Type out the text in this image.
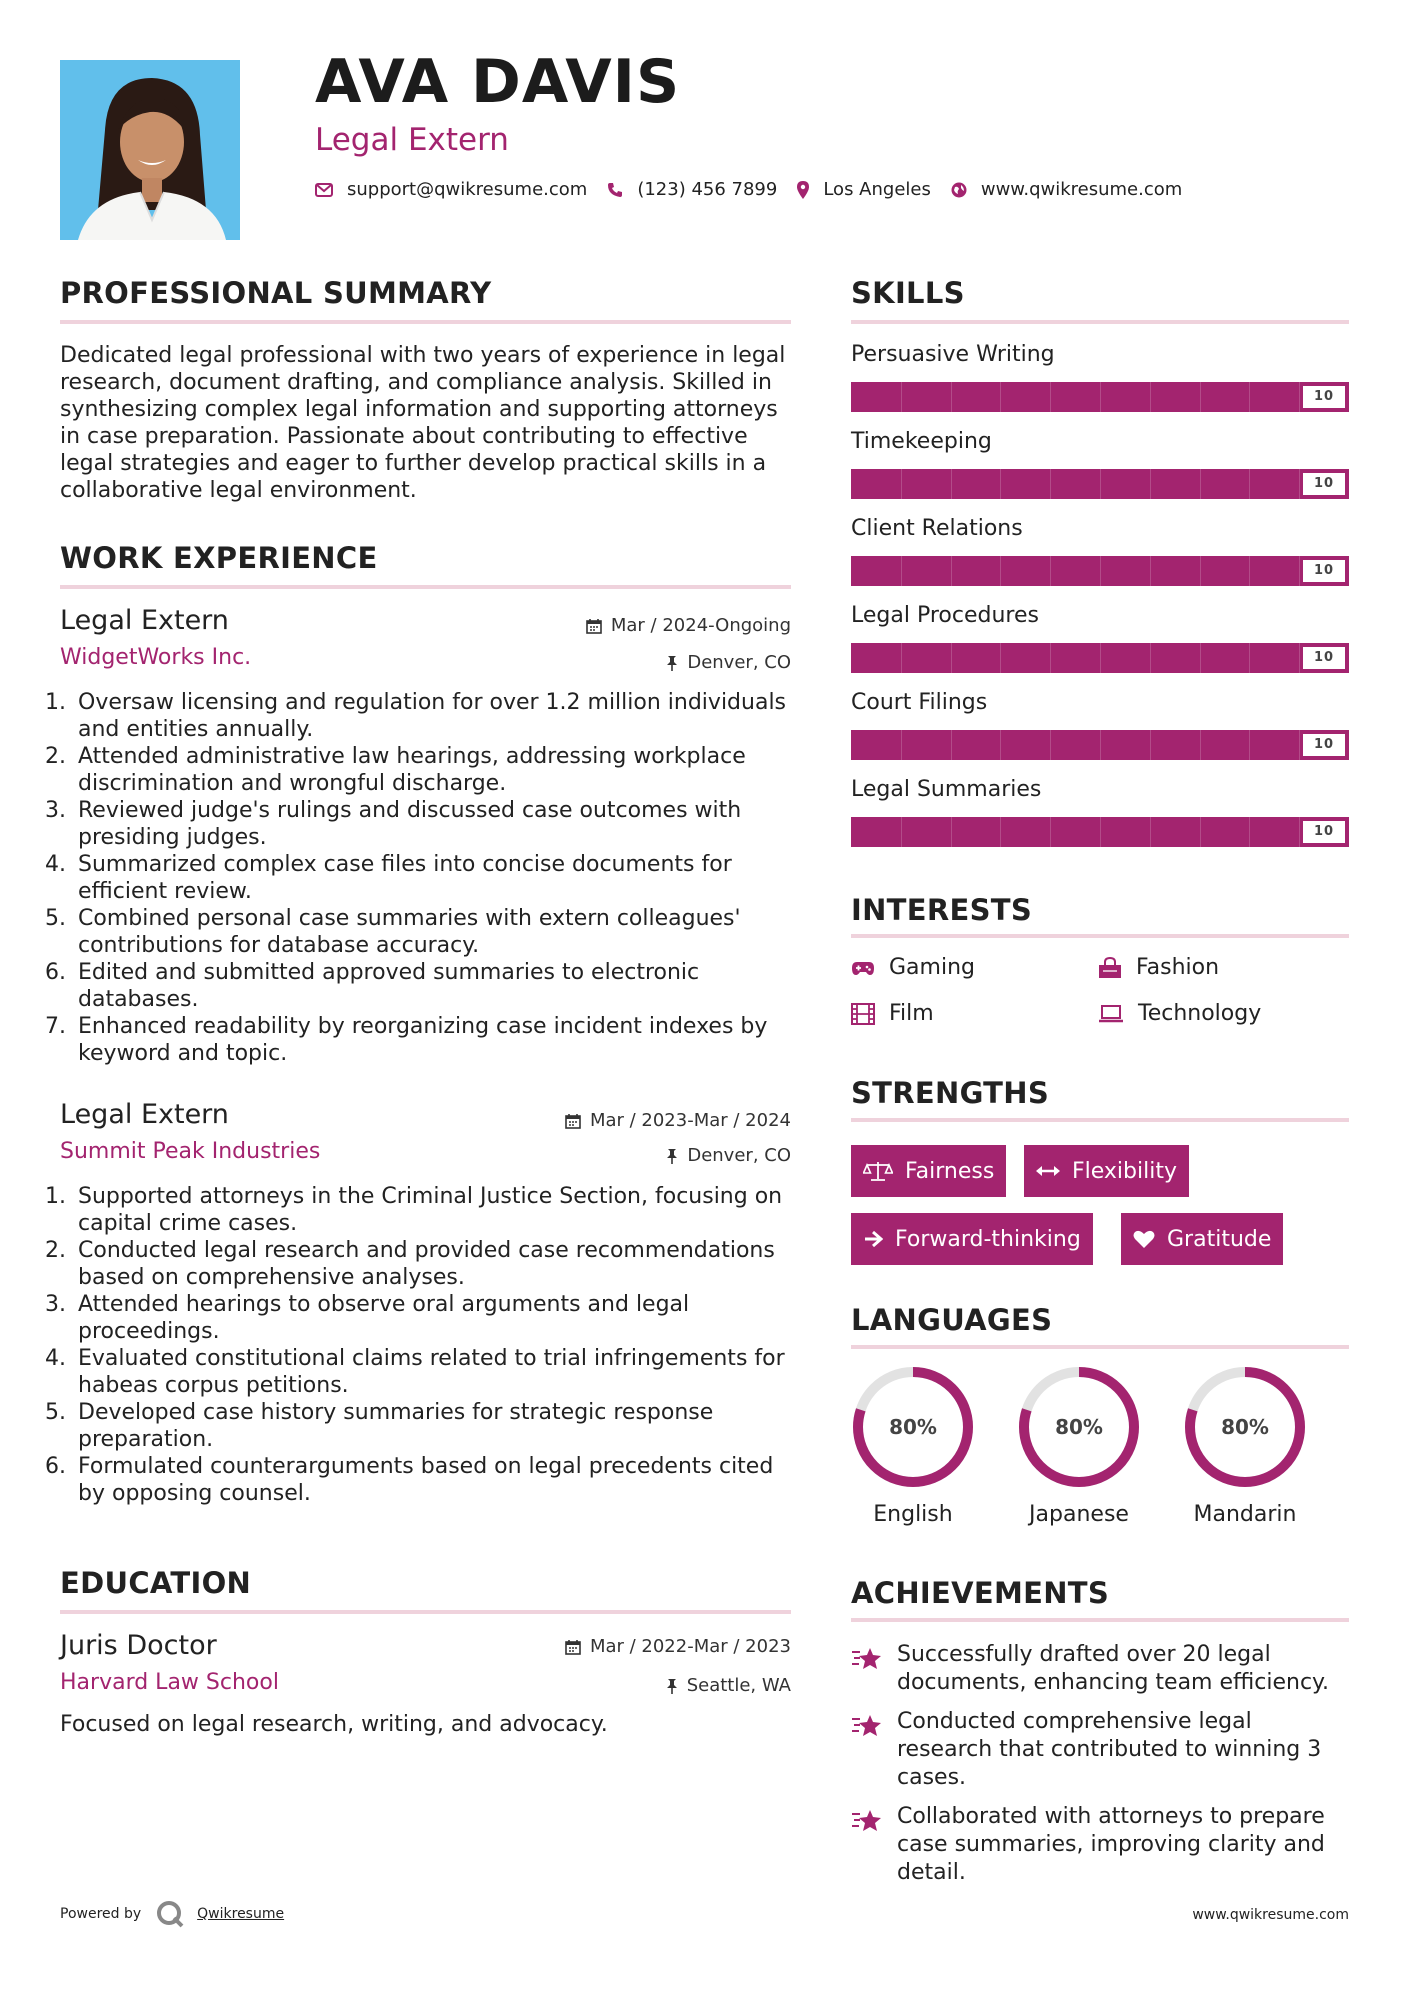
AVA DAVIS
Legal Extern
support@qwikresume.com	(123) 456 7899	Los Angeles	www.qwikresume.com
PROFESSIONAL SUMMARY
Dedicated legal professional with two years of experience in legal research, document drafting, and compliance analysis. Skilled in synthesizing complex legal information and supporting attorneys in case preparation. Passionate about contributing to effective legal strategies and eager to further develop practical skills in a collaborative legal environment.
WORK EXPERIENCE
Legal Extern	Mar / 2024-Ongoing
WidgetWorks Inc.	Denver, CO
1. Oversaw licensing and regulation for over 1.2 million individuals and entities annually.
2. Attended administrative law hearings, addressing workplace discrimination and wrongful discharge.
3. Reviewed judge's rulings and discussed case outcomes with presiding judges.
4. Summarized complex case files into concise documents for efficient review.
5. Combined personal case summaries with extern colleagues' contributions for database accuracy.
6. Edited and submitted approved summaries to electronic databases.
7. Enhanced readability by reorganizing case incident indexes by keyword and topic.
Legal Extern	Mar / 2023-Mar / 2024
Summit Peak Industries	Denver, CO
1. Supported attorneys in the Criminal Justice Section, focusing on capital crime cases.
2. Conducted legal research and provided case recommendations based on comprehensive analyses.
3. Attended hearings to observe oral arguments and legal proceedings.
4. Evaluated constitutional claims related to trial infringements for habeas corpus petitions.
5. Developed case history summaries for strategic response preparation.
6. Formulated counterarguments based on legal precedents cited by opposing counsel.
EDUCATION
Juris Doctor	Mar / 2022-Mar / 2023
Harvard Law School	Seattle, WA
Focused on legal research, writing, and advocacy.
SKILLS
Persuasive Writing
10
Timekeeping
10
Client Relations
10
Legal Procedures
10
Court Filings
10
Legal Summaries
10
INTERESTS
Gaming	Fashion
Film	Technology
STRENGTHS
Fairness	Flexibility
Forward-thinking	Gratitude
LANGUAGES
80%
English
80%
Japanese
80%
Mandarin
ACHIEVEMENTS
Successfully drafted over 20 legal documents, enhancing team efficiency.
Conducted comprehensive legal research that contributed to winning 3 cases.
Collaborated with attorneys to prepare case summaries, improving clarity and detail.
Powered by	Qwikresume	www.qwikresume.com
